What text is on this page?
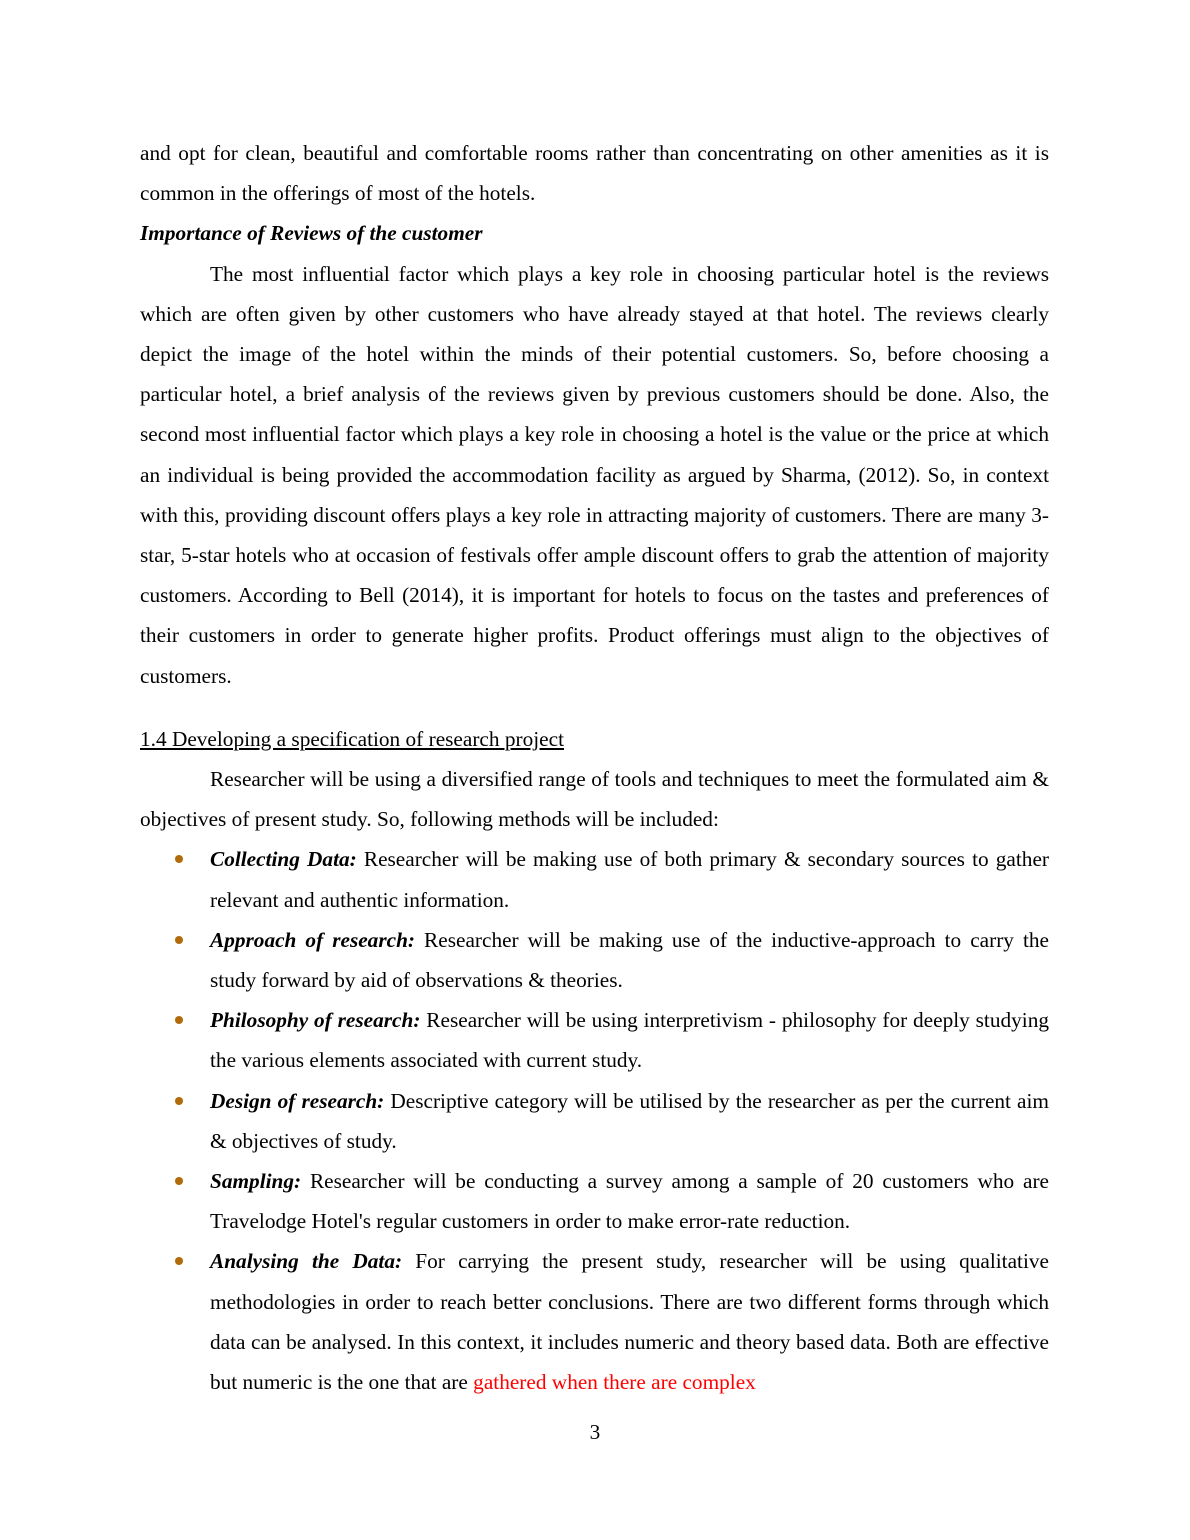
and opt for clean, beautiful and comfortable rooms rather than concentrating on other amenities as it is common in the offerings of most of the hotels.

Importance of Reviews of the customer

The most influential factor which plays a key role in choosing particular hotel is the reviews which are often given by other customers who have already stayed at that hotel. The reviews clearly depict the image of the hotel within the minds of their potential customers. So, before choosing a particular hotel, a brief analysis of the reviews given by previous customers should be done. Also, the second most influential factor which plays a key role in choosing a hotel is the value or the price at which an individual is being provided the accommodation facility as argued by Sharma, (2012). So, in context with this, providing discount offers plays a key role in attracting majority of customers. There are many 3-star, 5-star hotels who at occasion of festivals offer ample discount offers to grab the attention of majority customers. According to Bell (2014), it is important for hotels to focus on the tastes and preferences of their customers in order to generate higher profits. Product offerings must align to the objectives of customers.

1.4 Developing a specification of research project

Researcher will be using a diversified range of tools and techniques to meet the formulated aim & objectives of present study. So, following methods will be included:

Collecting Data: Researcher will be making use of both primary & secondary sources to gather relevant and authentic information.
Approach of research: Researcher will be making use of the inductive-approach to carry the study forward by aid of observations & theories.
Philosophy of research: Researcher will be using interpretivism - philosophy for deeply studying the various elements associated with current study.
Design of research: Descriptive category will be utilised by the researcher as per the current aim & objectives of study.
Sampling: Researcher will be conducting a survey among a sample of 20 customers who are Travelodge Hotel's regular customers in order to make error-rate reduction.
Analysing the Data: For carrying the present study, researcher will be using qualitative methodologies in order to reach better conclusions. There are two different forms through which data can be analysed. In this context, it includes numeric and theory based data. Both are effective but numeric is the one that are gathered when there are complex
3
